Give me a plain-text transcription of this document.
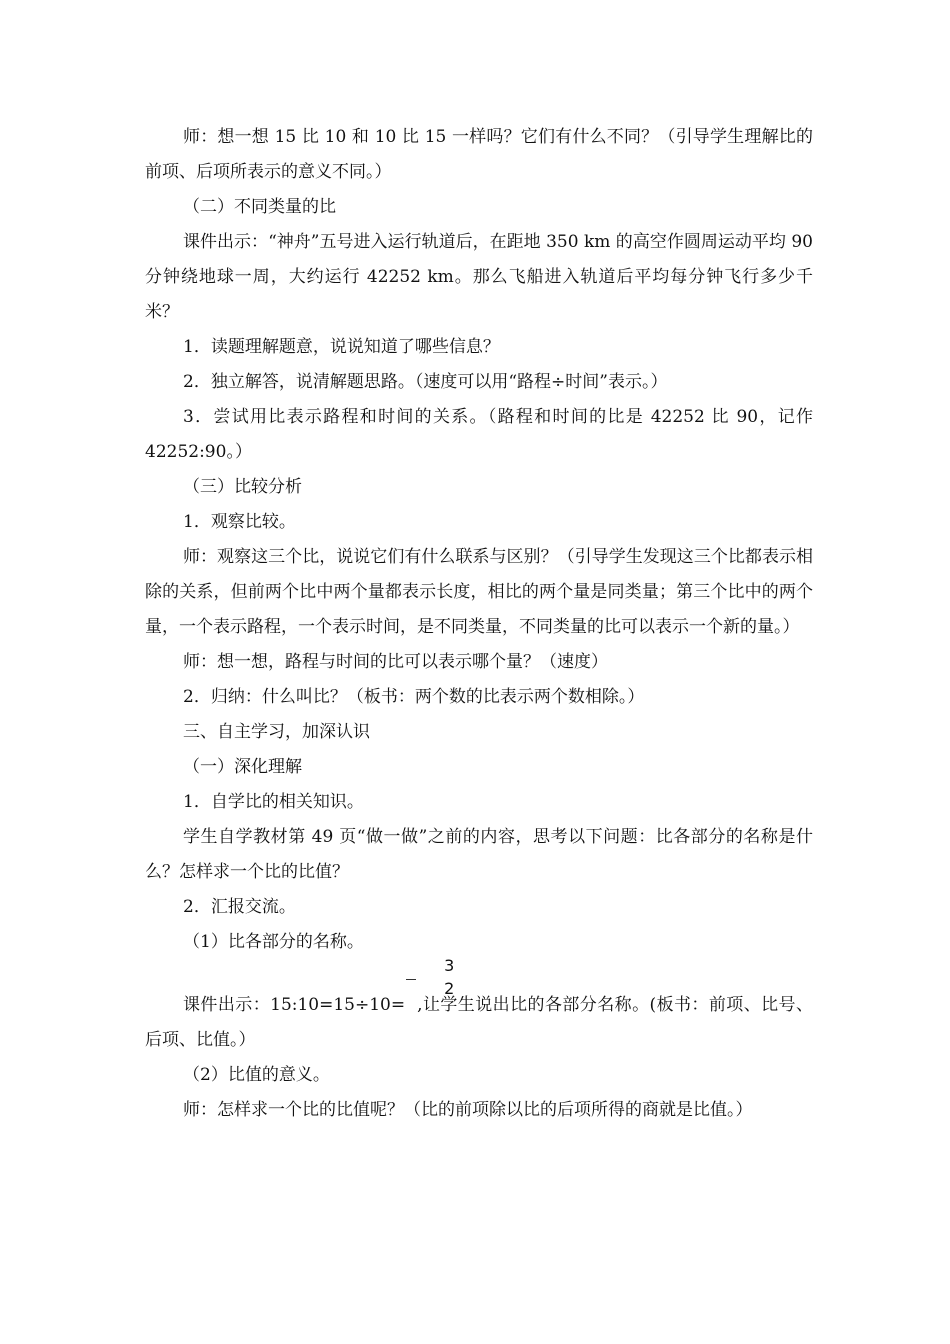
师：想一想 15 比 10 和 10 比 15 一样吗？它们有什么不同？（引导学生理解比的前项、后项所表示的意义不同。）

（二）不同类量的比

课件出示：“神舟”五号进入运行轨道后，在距地 350 km 的高空作圆周运动平均 90 分钟绕地球一周，大约运行 42252 km。那么飞船进入轨道后平均每分钟飞行多少千米？

1．读题理解题意，说说知道了哪些信息？

2．独立解答，说清解题思路。（速度可以用“路程÷时间”表示。）

3．尝试用比表示路程和时间的关系。（路程和时间的比是 42252 比 90，记作 42252:90。）

（三）比较分析

1．观察比较。

师：观察这三个比，说说它们有什么联系与区别？（引导学生发现这三个比都表示相除的关系，但前两个比中两个量都表示长度，相比的两个量是同类量；第三个比中的两个量，一个表示路程，一个表示时间，是不同类量，不同类量的比可以表示一个新的量。）

师：想一想，路程与时间的比可以表示哪个量？（速度）

2．归纳：什么叫比？（板书：两个数的比表示两个数相除。）

三、自主学习，加深认识

（一）深化理解

1．自学比的相关知识。

学生自学教材第 49 页“做一做”之前的内容，思考以下问题：比各部分的名称是什么？怎样求一个比的比值？

2．汇报交流。

（1）比各部分的名称。

课件出示：15:10=15÷10= $\frac{3}{2}$ ,让学生说出比的各部分名称。(板书：前项、比号、后项、比值。）

（2）比值的意义。

师：怎样求一个比的比值呢？（比的前项除以比的后项所得的商就是比值。）
